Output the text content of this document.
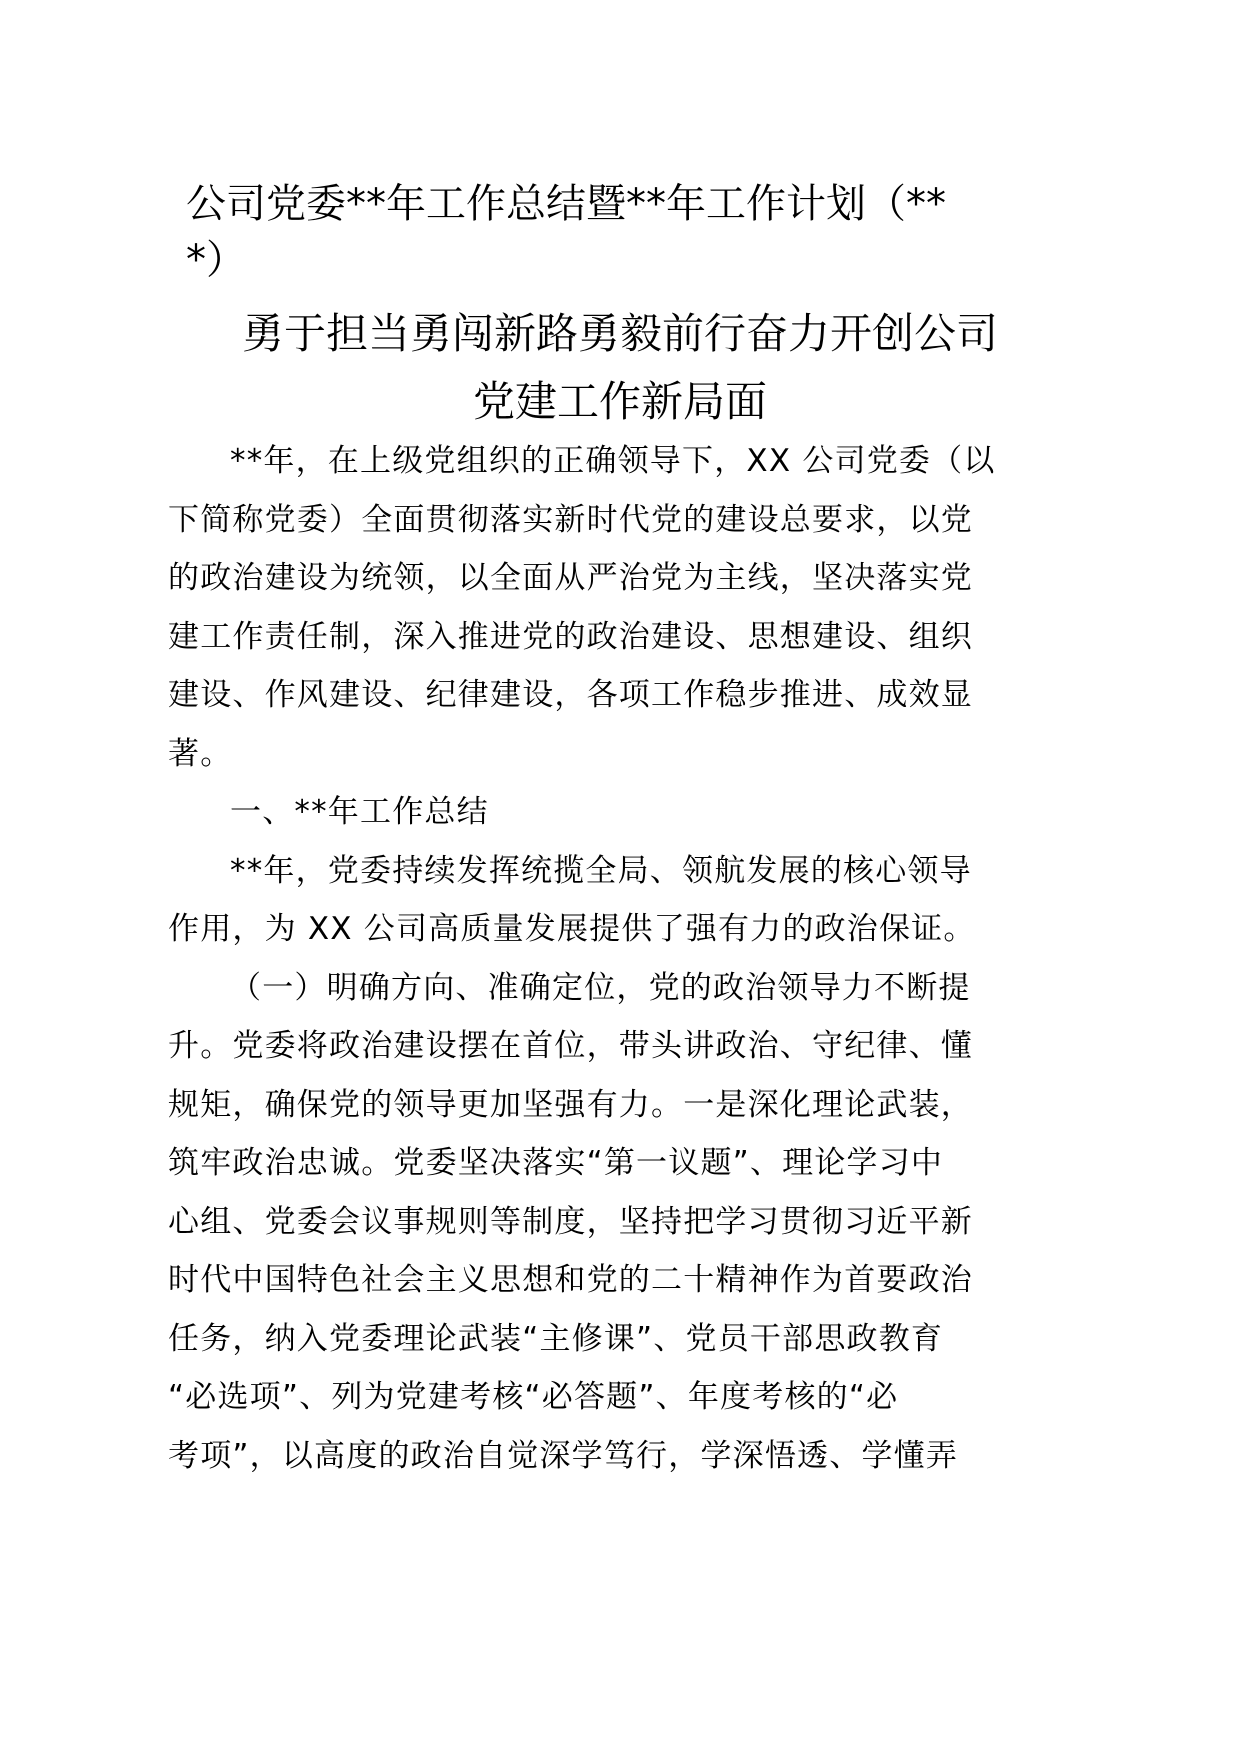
公司党委**年工作总结暨**年工作计划（**
*）
勇于担当勇闯新路勇毅前行奋力开创公司
党建工作新局面
**年，在上级党组织的正确领导下，XX 公司党委（以
下简称党委）全面贯彻落实新时代党的建设总要求，以党
的政治建设为统领，以全面从严治党为主线，坚决落实党
建工作责任制，深入推进党的政治建设、思想建设、组织
建设、作风建设、纪律建设，各项工作稳步推进、成效显
著。
一、**年工作总结
**年，党委持续发挥统揽全局、领航发展的核心领导
作用，为 XX 公司高质量发展提供了强有力的政治保证。
（一）明确方向、准确定位，党的政治领导力不断提
升。党委将政治建设摆在首位，带头讲政治、守纪律、懂
规矩，确保党的领导更加坚强有力。一是深化理论武装，
筑牢政治忠诚。党委坚决落实“第一议题”、理论学习中
心组、党委会议事规则等制度，坚持把学习贯彻习近平新
时代中国特色社会主义思想和党的二十精神作为首要政治
任务，纳入党委理论武装“主修课”、党员干部思政教育
“必选项”、列为党建考核“必答题”、年度考核的“必
考项”，以高度的政治自觉深学笃行，学深悟透、学懂弄
